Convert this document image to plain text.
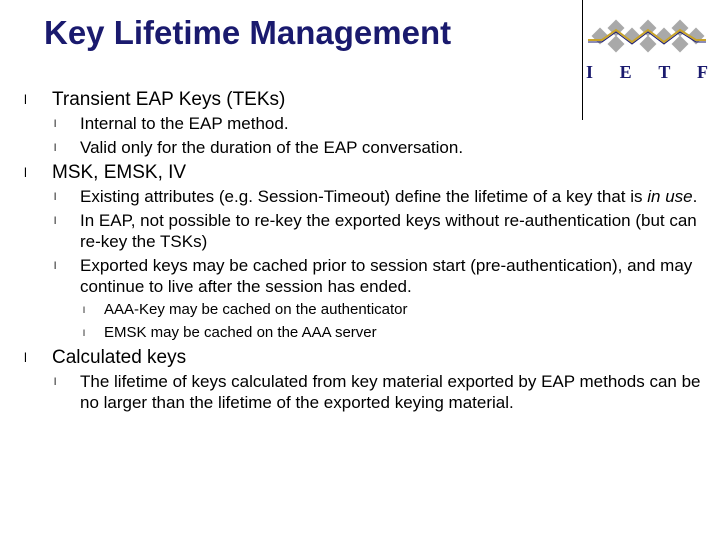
Key Lifetime Management
I E T F
l Transient EAP Keys (TEKs)
l Internal to the EAP method.
l Valid only for the duration of the EAP conversation.
l MSK, EMSK, IV
l Existing attributes (e.g. Session-Timeout) define the lifetime of a key that is in use.
l In EAP, not possible to re-key the exported keys without re-authentication (but can re-key the TSKs)
l Exported keys may be cached prior to session start (pre-authentication), and may continue to live after the session has ended.
l AAA-Key may be cached on the authenticator
l EMSK may be cached on the AAA server
l Calculated keys
l The lifetime of keys calculated from key material exported by EAP methods can be no larger than the lifetime of the exported keying material.
